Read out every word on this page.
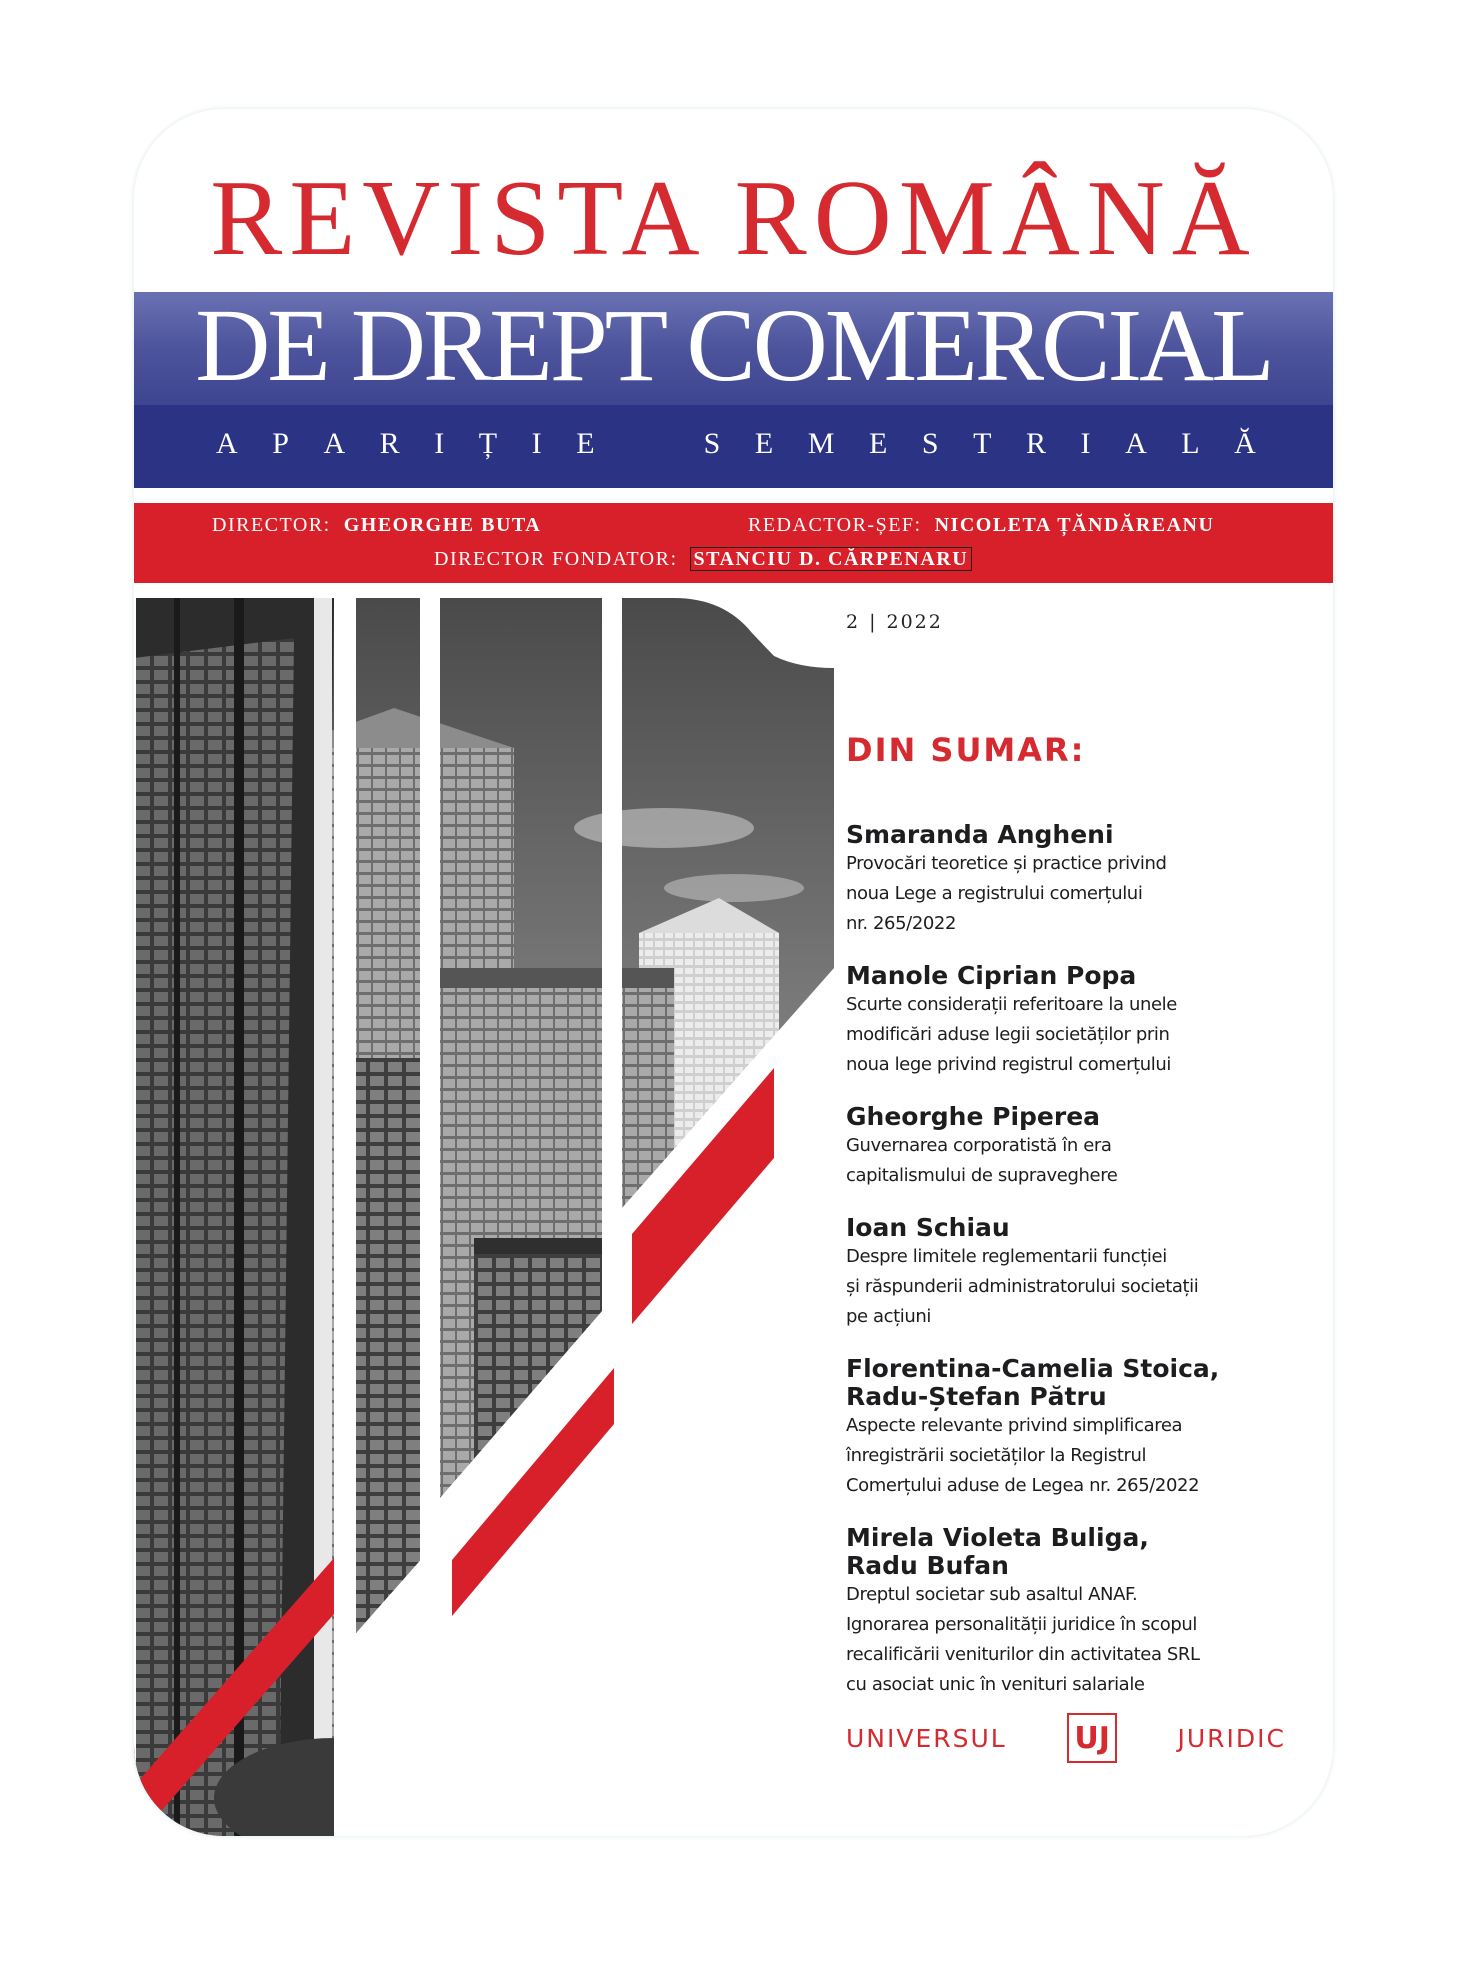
REVISTA ROMÂNĂ
DE DREPT COMERCIAL
A P A R I Ț I E	S E M E S T R I A L Ă
DIRECTOR: GHEORGHE BUTA	REDACTOR-ȘEF: NICOLETA ȚĂNDĂREANU
DIRECTOR FONDATOR: STANCIU D. CĂRPENARU
2 | 2022
DIN SUMAR:
Smaranda Angheni
Provocări teoretice și practice privind
noua Lege a registrului comerțului
nr. 265/2022
Manole Ciprian Popa
Scurte considerații referitoare la unele
modificări aduse legii societăților prin
noua lege privind registrul comerțului
Gheorghe Piperea
Guvernarea corporatistă în era
capitalismului de supraveghere
Ioan Schiau
Despre limitele reglementarii funcției
și răspunderii administratorului societații
pe acțiuni
Florentina-Camelia Stoica,
Radu-Ștefan Pătru
Aspecte relevante privind simplificarea
înregistrării societăților la Registrul
Comerțului aduse de Legea nr. 265/2022
Mirela Violeta Buliga,
Radu Bufan
Dreptul societar sub asaltul ANAF.
Ignorarea personalității juridice în scopul
recalificării veniturilor din activitatea SRL
cu asociat unic în venituri salariale
UNIVERSUL UJ	JURIDIC
